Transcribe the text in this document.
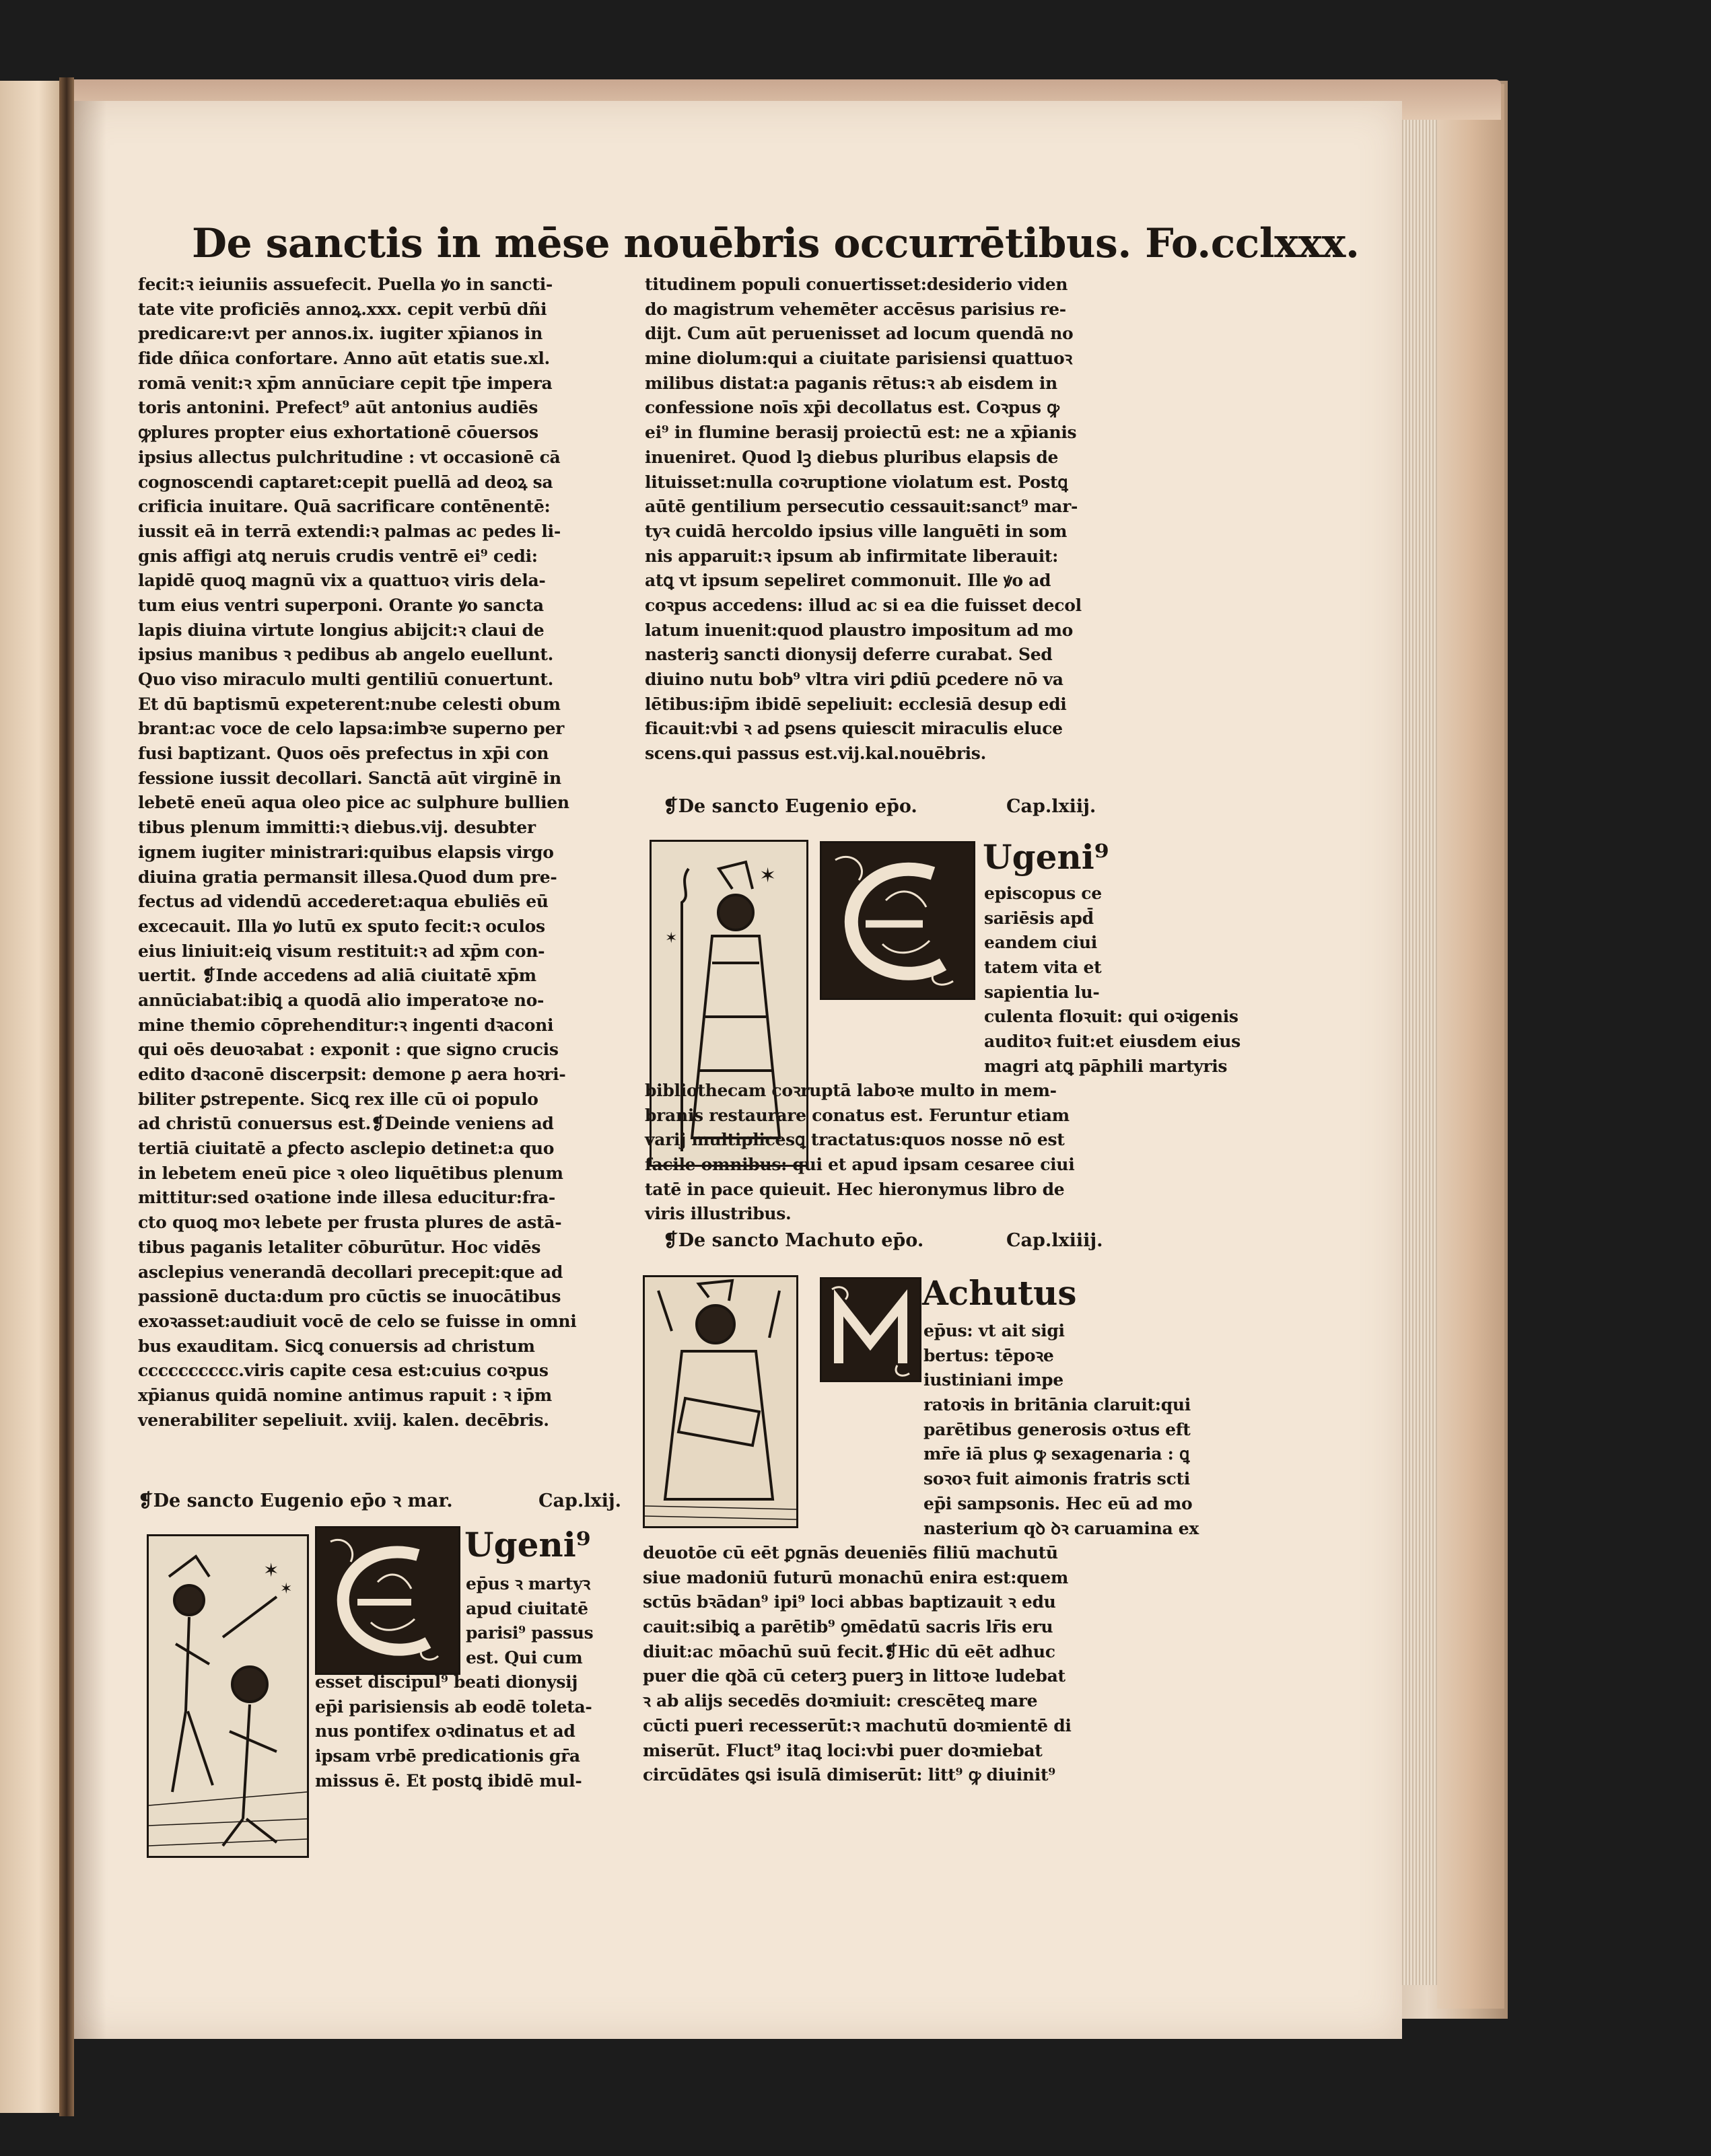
De sanctis in mēse nouēbris occurrētibus. Fo.cclxxx.
fecit:ꝛ ieiuniis assuefecit. Puella ꝟo in sancti-
tate vite proficiēs annoꝝ.xxx. cepit verbū dñi
predicare:vt per annos.ix. iugiter xp̄ianos in
fide dñica confortare. Anno aūt etatis sue.xl.
romā venit:ꝛ xp̄m annūciare cepit tp̄e impera
toris antonini. Prefect⁹ aūt antonius audiēs
ꝙplures propter eius exhortationē cōuersos
ipsius allectus pulchritudine : vt occasionē cā
cognoscendi captaret:cepit puellā ad deoꝝ sa
crificia inuitare. Quā sacrificare contēnentē:
iussit eā in terrā extendi:ꝛ palmas ac pedes li-
gnis affigi atꝗ neruis crudis ventrē ei⁹ cedi:
lapidē quoꝗ magnū vix a quattuoꝛ viris dela-
tum eius ventri superponi. Orante ꝟo sancta
lapis diuina virtute longius abijcit:ꝛ claui de
ipsius manibus ꝛ pedibus ab angelo euellunt.
Quo viso miraculo multi gentiliū conuertunt.
Et dū baptismū expeterent:nube celesti obum
brant:ac voce de celo lapsa:imbꝛe superno per
fusi baptizant. Quos oēs prefectus in xp̄i con
fessione iussit decollari. Sanctā aūt virginē in
lebetē eneū aqua oleo pice ac sulphure bullien
tibus plenum immitti:ꝛ diebus.vij. desubter
ignem iugiter ministrari:quibus elapsis virgo
diuina gratia permansit illesa.Quod dum pre-
fectus ad videndū accederet:aqua ebuliēs eū
excecauit. Illa ꝟo lutū ex sputo fecit:ꝛ oculos
eius liniuit:eiꝗ visum restituit:ꝛ ad xp̄m con-
uertit. ❡Inde accedens ad aliā ciuitatē xp̄m
annūciabat:ibiꝗ a quodā alio imperatoꝛe no-
mine themio cōprehenditur:ꝛ ingenti dꝛaconi
qui oēs deuoꝛabat : exponit : que signo crucis
edito dꝛaconē discerpsit: demone ꝑ aera hoꝛri-
biliter ꝑstrepente. Sicꝗ rex ille cū oi populo
ad christū conuersus est.❡Deinde veniens ad
tertiā ciuitatē a ꝑfecto asclepio detinet:a quo
in lebetem eneū pice ꝛ oleo liquētibus plenum
mittitur:sed oꝛatione inde illesa educitur:fra-
cto quoꝗ moꝛ lebete per frusta plures de astā-
tibus paganis letaliter cōburūtur. Hoc vidēs
asclepius venerandā decollari precepit:que ad
passionē ducta:dum pro cūctis se inuocātibus
exoꝛasset:audiuit vocē de celo se fuisse in omni
bus exauditam. Sicꝗ conuersis ad christum
cccccccccc.viris capite cesa est:cuius coꝛpus
xp̄ianus quidā nomine antimus rapuit : ꝛ ip̄m
venerabiliter sepeliuit. xviij. kalen. decēbris.
❡De sancto Eugenio ep̄o ꝛ mar.	Cap.lxij.
✶
✶
Ugeni⁹
ep̄us ꝛ martyꝛ
apud ciuitatē
parisi⁹ passus
est. Qui cum
esset discipul⁹ beati dionysij
ep̄i parisiensis ab eodē toleta-
nus pontifex oꝛdinatus et ad
ipsam vrbē predicationis gr̄a
missus ē. Et postꝗ ibidē mul-
titudinem populi conuertisset:desiderio viden
do magistrum vehemēter accēsus parisius re-
dijt. Cum aūt peruenisset ad locum quendā no
mine diolum:qui a ciuitate parisiensi quattuoꝛ
milibus distat:a paganis rētus:ꝛ ab eisdem in
confessione noīs xp̄i decollatus est. Coꝛpus ꝙ
ei⁹ in flumine berasij proiectū est: ne a xp̄ianis
inueniret. Quod lꝫ diebus pluribus elapsis de
lituisset:nulla coꝛruptione violatum est. Postꝗ
aūtē gentilium persecutio cessauit:sanct⁹ mar-
tyꝛ cuidā hercoldo ipsius ville languēti in som
nis apparuit:ꝛ ipsum ab infirmitate liberauit:
atꝗ vt ipsum sepeliret commonuit. Ille ꝟo ad
coꝛpus accedens: illud ac si ea die fuisset decol
latum inuenit:quod plaustro impositum ad mo
nasteriꝫ sancti dionysij deferre curabat. Sed
diuino nutu bob⁹ vltra viri ꝑdiū ꝑcedere nō va
lētibus:ip̄m ibidē sepeliuit: ecclesiā desup edi
ficauit:vbi ꝛ ad ꝑsens quiescit miraculis eluce
scens.qui passus est.vij.kal.nouēbris.
❡De sancto Eugenio ep̄o.	Cap.lxiij.
✶
✶
Ugeni⁹
episcopus ce
sariēsis apd̄
eandem ciui
tatem vita et
sapientia lu-
culenta floꝛuit: qui oꝛigenis
auditoꝛ fuit:et eiusdem eius
magri atꝗ pāphili martyris
bibliothecam coꝛruptā laboꝛe multo in mem-
branis restaurare conatus est. Feruntur etiam
varij multiplicesꝗ tractatus:quos nosse nō est
facile omnibus: qui et apud ipsam cesaree ciui
tatē in pace quieuit. Hec hieronymus libro de
viris illustribus.
❡De sancto Machuto ep̄o.	Cap.lxiiij.
Achutus
ep̄us: vt ait sigi
bertus: tēpoꝛe
iustiniani impe
ratoꝛis in britānia claruit:qui
parētibus generosis oꝛtus eft
mr̄e iā plus ꝙ sexagenaria : ꝗ
soꝛoꝛ fuit aimonis fratris scti
ep̄i sampsonis. Hec eū ad mo
nasterium qꝺ ꝺꝛ caruamina ex
deuotōe cū eēt ꝑgnās deueniēs filiū machutū
siue madoniū futurū monachū enira est:quem
sctūs bꝛādan⁹ ipi⁹ loci abbas baptizauit ꝛ edu
cauit:sibiꝗ a parētib⁹ ꝯmēdatū sacris lr̄is eru
diuit:ac mōachū suū fecit.❡Hic dū eēt adhuc
puer die qꝺā cū ceterꝫ puerꝫ in littoꝛe ludebat
ꝛ ab alijs secedēs doꝛmiuit: crescēteꝗ mare
cūcti pueri recesserūt:ꝛ machutū doꝛmientē di
miserūt. Fluct⁹ itaꝗ loci:vbi puer doꝛmiebat
circūdātes ꝗsi isulā dimiserūt: litt⁹ ꝙ diuinit⁹
